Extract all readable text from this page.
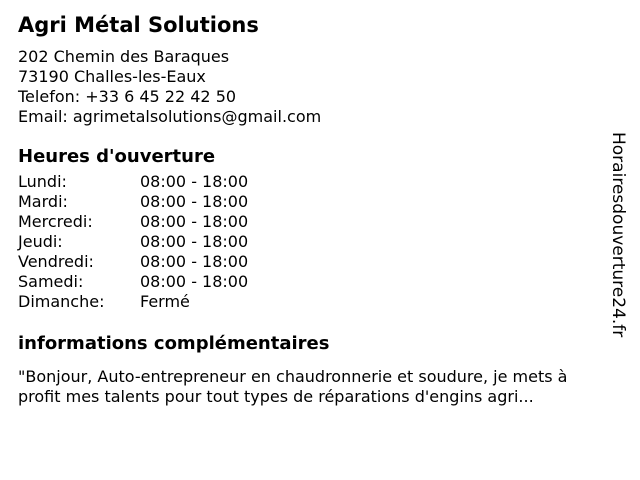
Agri Métal Solutions
202 Chemin des Baraques
73190 Challes-les-Eaux
Telefon: +33 6 45 22 42 50
Email: agrimetalsolutions@gmail.com
Heures d'ouverture
Lundi:	08:00 - 18:00
Mardi:	08:00 - 18:00
Mercredi:	08:00 - 18:00
Jeudi:	08:00 - 18:00
Vendredi:	08:00 - 18:00
Samedi:	08:00 - 18:00
Dimanche:	Fermé
informations complémentaires

"Bonjour, Auto-entrepreneur en chaudronnerie et soudure, je mets à profit mes talents pour tout types de réparations d'engins agri...

Horairesdouverture24.fr
